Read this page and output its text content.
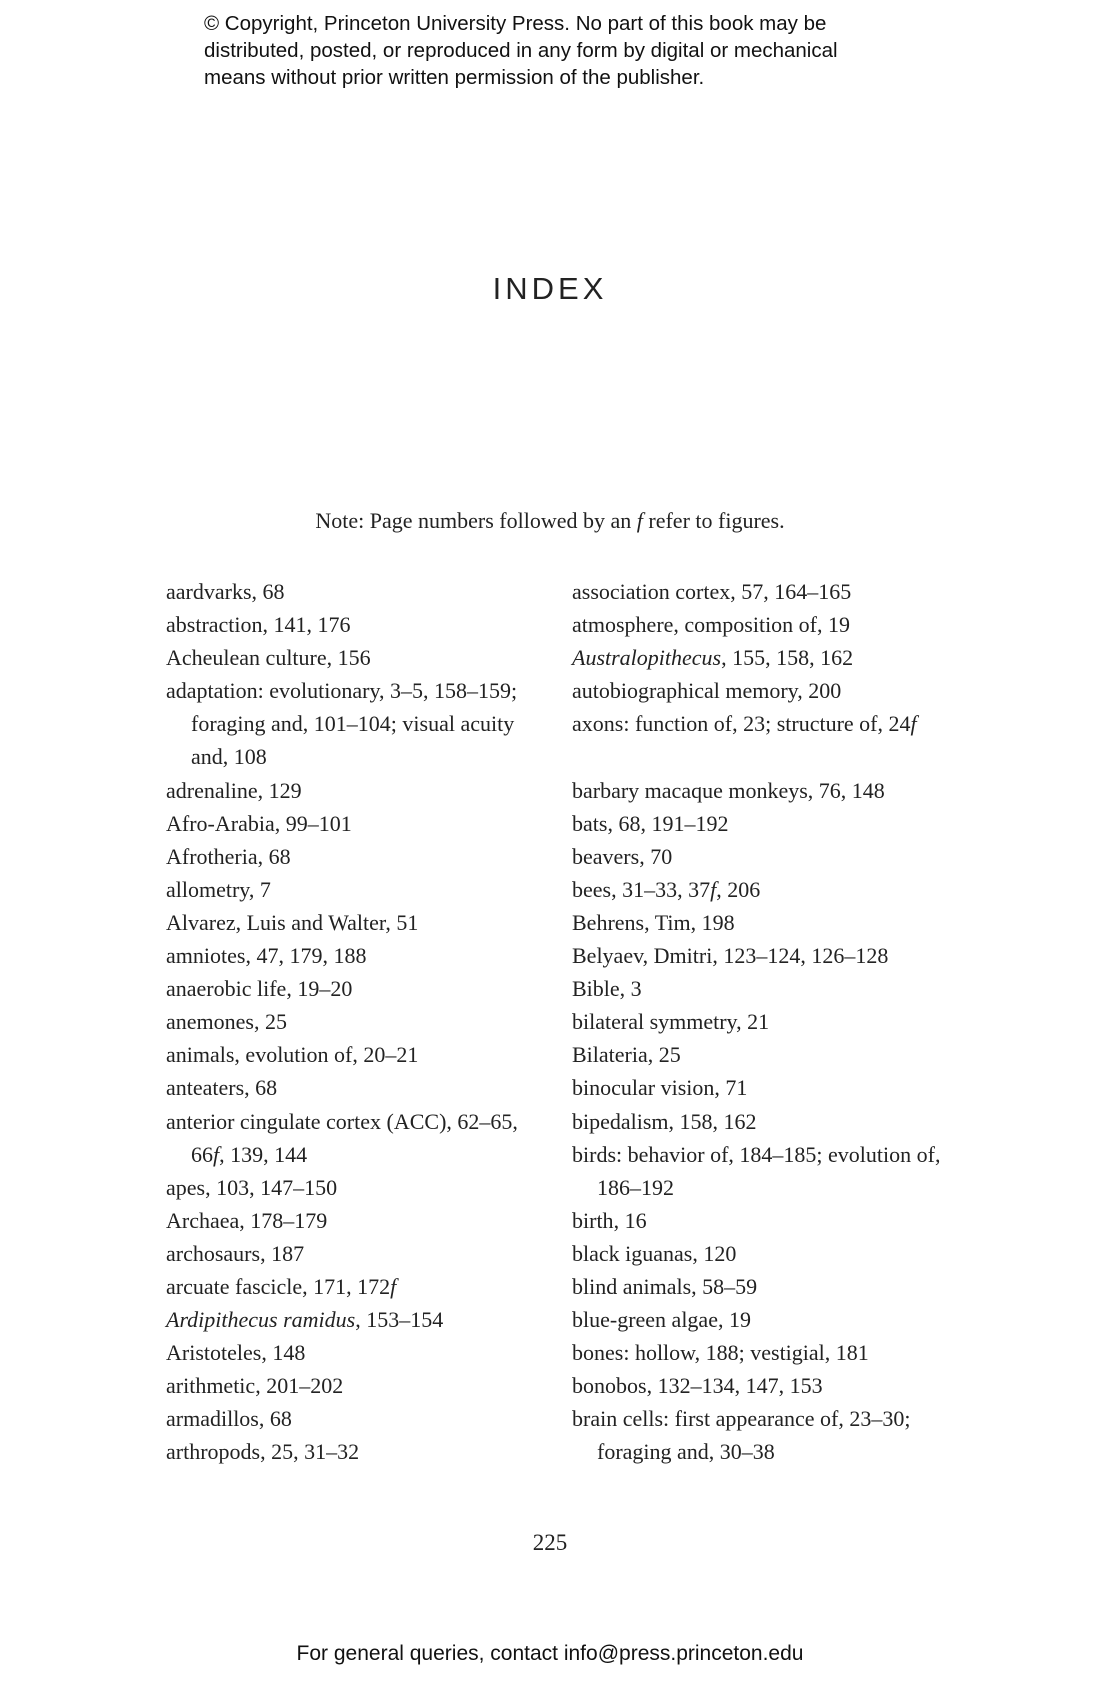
© Copyright, Princeton University Press. No part of this book may be
distributed, posted, or reproduced in any form by digital or mechanical
means without prior written permission of the publisher.
INDEX
Note: Page numbers followed by an f refer to figures.
aardvarks, 68
abstraction, 141, 176
Acheulean culture, 156
adaptation: evolutionary, 3–5, 158–159; foraging and, 101–104; visual acuity and, 108
adrenaline, 129
Afro-Arabia, 99–101
Afrotheria, 68
allometry, 7
Alvarez, Luis and Walter, 51
amniotes, 47, 179, 188
anaerobic life, 19–20
anemones, 25
animals, evolution of, 20–21
anteaters, 68
anterior cingulate cortex (ACC), 62–65, 66f, 139, 144
apes, 103, 147–150
Archaea, 178–179
archosaurs, 187
arcuate fascicle, 171, 172f
Ardipithecus ramidus, 153–154
Aristoteles, 148
arithmetic, 201–202
armadillos, 68
arthropods, 25, 31–32
association cortex, 57, 164–165
atmosphere, composition of, 19
Australopithecus, 155, 158, 162
autobiographical memory, 200
axons: function of, 23; structure of, 24f
barbary macaque monkeys, 76, 148
bats, 68, 191–192
beavers, 70
bees, 31–33, 37f, 206
Behrens, Tim, 198
Belyaev, Dmitri, 123–124, 126–128
Bible, 3
bilateral symmetry, 21
Bilateria, 25
binocular vision, 71
bipedalism, 158, 162
birds: behavior of, 184–185; evolution of, 186–192
birth, 16
black iguanas, 120
blind animals, 58–59
blue-green algae, 19
bones: hollow, 188; vestigial, 181
bonobos, 132–134, 147, 153
brain cells: first appearance of, 23–30; foraging and, 30–38
225
For general queries, contact info@press.princeton.edu
